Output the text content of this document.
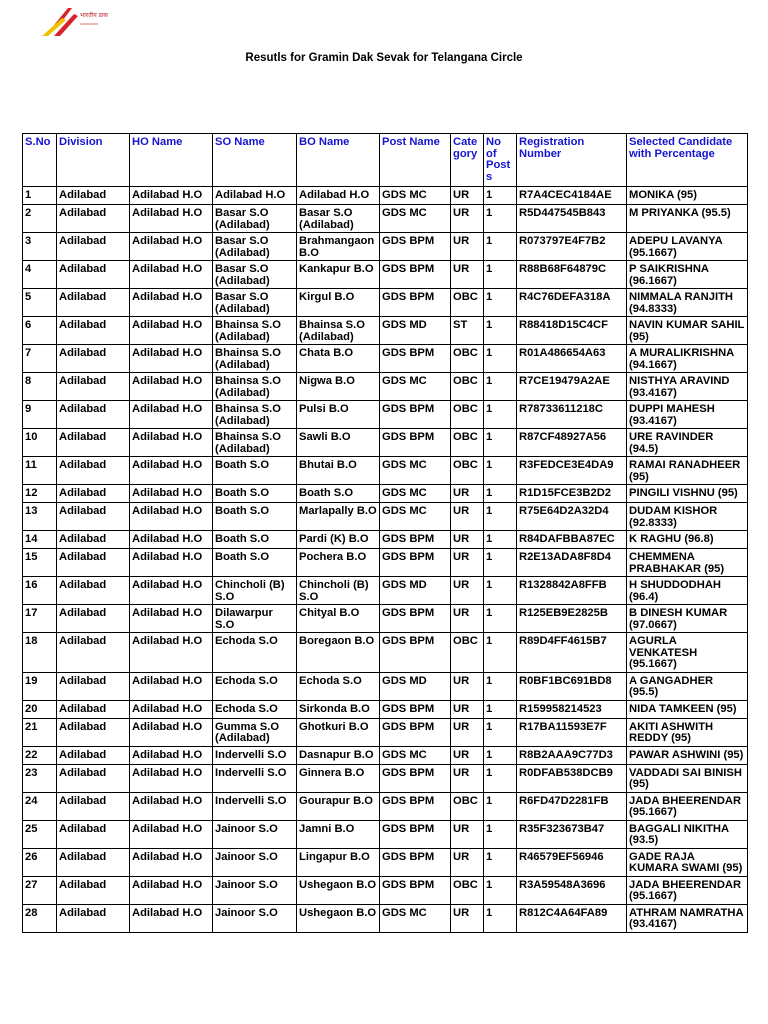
भारतीय डाक
Resutls for Gramin Dak Sevak for Telangana Circle
S.No	Division	HO Name	SO Name	BO Name	Post Name	Cate gory	No of Post s	Registration Number	Selected Candidate with Percentage
1	Adilabad	Adilabad H.O	Adilabad H.O	Adilabad H.O	GDS MC	UR	1	R7A4CEC4184AE	MONIKA (95)
2	Adilabad	Adilabad H.O	Basar S.O (Adilabad)	Basar S.O (Adilabad)	GDS MC	UR	1	R5D447545B843	M PRIYANKA (95.5)
3	Adilabad	Adilabad H.O	Basar S.O (Adilabad)	Brahmangaon B.O	GDS BPM	UR	1	R073797E4F7B2	ADEPU LAVANYA (95.1667)
4	Adilabad	Adilabad H.O	Basar S.O (Adilabad)	Kankapur B.O	GDS BPM	UR	1	R88B68F64879C	P SAIKRISHNA (96.1667)
5	Adilabad	Adilabad H.O	Basar S.O (Adilabad)	Kirgul B.O	GDS BPM	OBC	1	R4C76DEFA318A	NIMMALA RANJITH (94.8333)
6	Adilabad	Adilabad H.O	Bhainsa S.O (Adilabad)	Bhainsa S.O (Adilabad)	GDS MD	ST	1	R88418D15C4CF	NAVIN KUMAR SAHIL (95)
7	Adilabad	Adilabad H.O	Bhainsa S.O (Adilabad)	Chata B.O	GDS BPM	OBC	1	R01A486654A63	A MURALIKRISHNA (94.1667)
8	Adilabad	Adilabad H.O	Bhainsa S.O (Adilabad)	Nigwa B.O	GDS MC	OBC	1	R7CE19479A2AE	NISTHYA ARAVIND (93.4167)
9	Adilabad	Adilabad H.O	Bhainsa S.O (Adilabad)	Pulsi B.O	GDS BPM	OBC	1	R78733611218C	DUPPI MAHESH (93.4167)
10	Adilabad	Adilabad H.O	Bhainsa S.O (Adilabad)	Sawli B.O	GDS BPM	OBC	1	R87CF48927A56	URE RAVINDER (94.5)
11	Adilabad	Adilabad H.O	Boath S.O	Bhutai B.O	GDS MC	OBC	1	R3FEDCE3E4DA9	RAMAI RANADHEER (95)
12	Adilabad	Adilabad H.O	Boath S.O	Boath S.O	GDS MC	UR	1	R1D15FCE3B2D2	PINGILI VISHNU (95)
13	Adilabad	Adilabad H.O	Boath S.O	Marlapally B.O	GDS MC	UR	1	R75E64D2A32D4	DUDAM KISHOR (92.8333)
14	Adilabad	Adilabad H.O	Boath S.O	Pardi (K) B.O	GDS BPM	UR	1	R84DAFBBA87EC	K RAGHU (96.8)
15	Adilabad	Adilabad H.O	Boath S.O	Pochera B.O	GDS BPM	UR	1	R2E13ADA8F8D4	CHEMMENA PRABHAKAR (95)
16	Adilabad	Adilabad H.O	Chincholi (B) S.O	Chincholi (B) S.O	GDS MD	UR	1	R1328842A8FFB	H SHUDDODHAH (96.4)
17	Adilabad	Adilabad H.O	Dilawarpur S.O	Chityal B.O	GDS BPM	UR	1	R125EB9E2825B	B DINESH KUMAR (97.0667)
18	Adilabad	Adilabad H.O	Echoda S.O	Boregaon B.O	GDS BPM	OBC	1	R89D4FF4615B7	AGURLA VENKATESH (95.1667)
19	Adilabad	Adilabad H.O	Echoda S.O	Echoda S.O	GDS MD	UR	1	R0BF1BC691BD8	A GANGADHER (95.5)
20	Adilabad	Adilabad H.O	Echoda S.O	Sirkonda B.O	GDS BPM	UR	1	R159958214523	NIDA TAMKEEN (95)
21	Adilabad	Adilabad H.O	Gumma S.O (Adilabad)	Ghotkuri B.O	GDS BPM	UR	1	R17BA11593E7F	AKITI ASHWITH REDDY (95)
22	Adilabad	Adilabad H.O	Indervelli S.O	Dasnapur B.O	GDS MC	UR	1	R8B2AAA9C77D3	PAWAR ASHWINI (95)
23	Adilabad	Adilabad H.O	Indervelli S.O	Ginnera B.O	GDS BPM	UR	1	R0DFAB538DCB9	VADDADI SAI BINISH (95)
24	Adilabad	Adilabad H.O	Indervelli S.O	Gourapur B.O	GDS BPM	OBC	1	R6FD47D2281FB	JADA BHEERENDAR (95.1667)
25	Adilabad	Adilabad H.O	Jainoor S.O	Jamni B.O	GDS BPM	UR	1	R35F323673B47	BAGGALI NIKITHA (93.5)
26	Adilabad	Adilabad H.O	Jainoor S.O	Lingapur B.O	GDS BPM	UR	1	R46579EF56946	GADE RAJA KUMARA SWAMI (95)
27	Adilabad	Adilabad H.O	Jainoor S.O	Ushegaon B.O	GDS BPM	OBC	1	R3A59548A3696	JADA BHEERENDAR (95.1667)
28	Adilabad	Adilabad H.O	Jainoor S.O	Ushegaon B.O	GDS MC	UR	1	R812C4A64FA89	ATHRAM NAMRATHA (93.4167)
